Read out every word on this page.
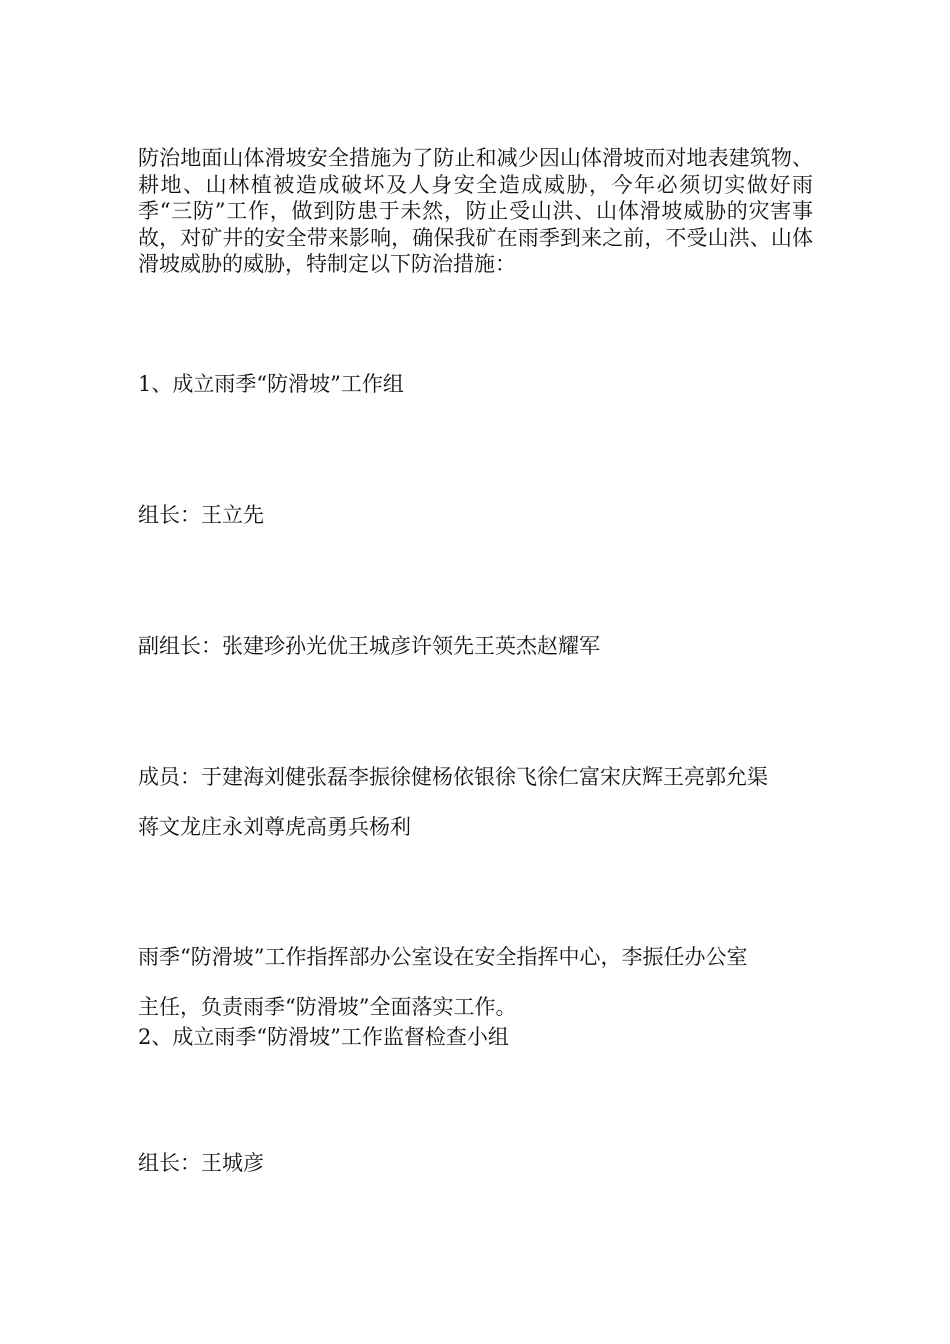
防治地面山体滑坡安全措施为了防止和减少因山体滑坡而对地表建筑物、耕地、山林植被造成破坏及人身安全造成威胁，今年必须切实做好雨季“三防”工作，做到防患于未然，防止受山洪、山体滑坡威胁的灾害事故，对矿井的安全带来影响，确保我矿在雨季到来之前，不受山洪、山体滑坡威胁的威胁，特制定以下防治措施：
1、成立雨季“防滑坡”工作组
组长：王立先
副组长：张建珍孙光优王城彦许领先王英杰赵耀军
成员：于建海刘健张磊李振徐健杨依银徐飞徐仁富宋庆辉王亮郭允渠
蒋文龙庄永刘尊虎高勇兵杨利
雨季“防滑坡”工作指挥部办公室设在安全指挥中心，李振任办公室
主任，负责雨季“防滑坡”全面落实工作。
2、成立雨季“防滑坡”工作监督检查小组
组长：王城彦
